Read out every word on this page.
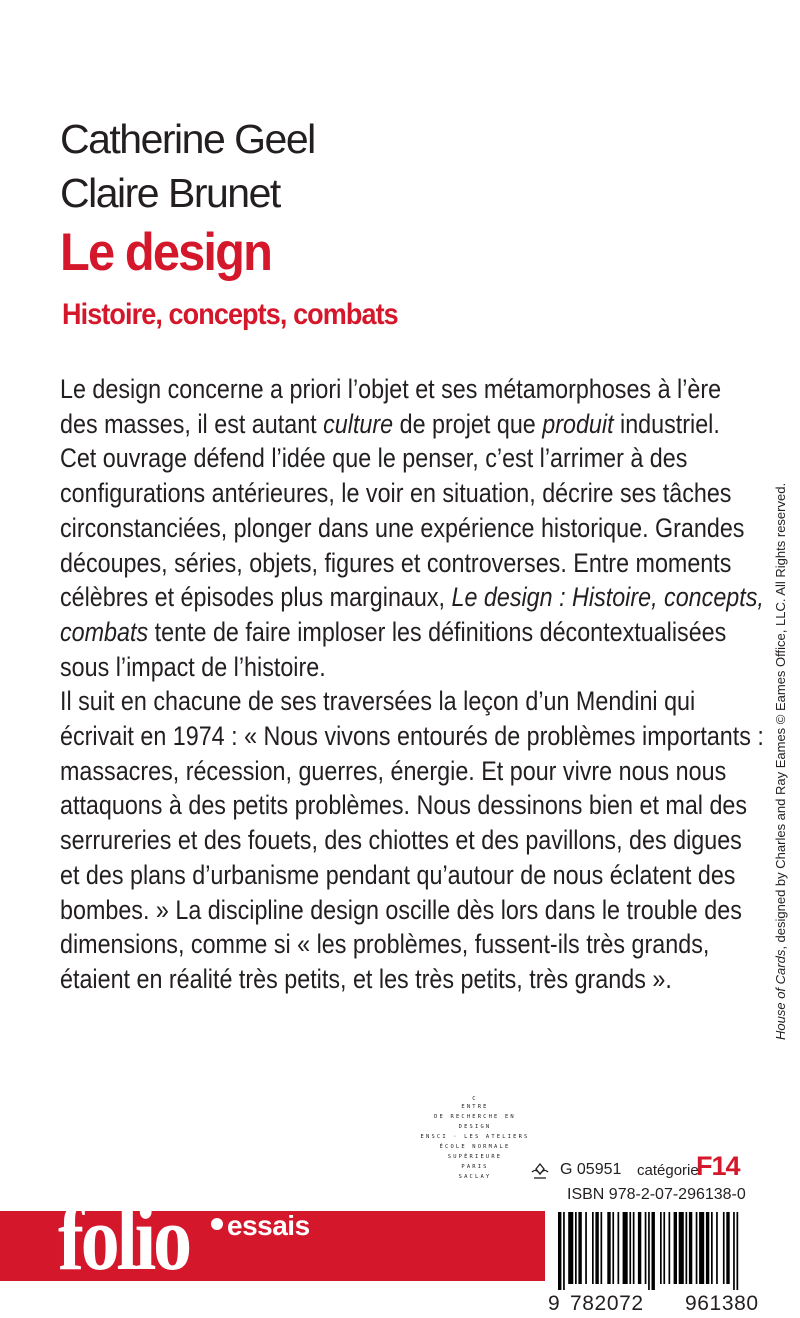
Catherine Geel
Claire Brunet
Le design
Histoire, concepts, combats

Le design concerne a priori l’objet et ses métamorphoses à l’ère
des masses, il est autant culture de projet que produit industriel.
Cet ouvrage défend l’idée que le penser, c’est l’arrimer à des
configurations antérieures, le voir en situation, décrire ses tâches
circonstanciées, plonger dans une expérience historique. Grandes
découpes, séries, objets, figures et controverses. Entre moments
célèbres et épisodes plus marginaux, Le design : Histoire, concepts,
combats tente de faire imploser les définitions décontextualisées
sous l’impact de l’histoire.

Il suit en chacune de ses traversées la leçon d’un Mendini qui
écrivait en 1974 : « Nous vivons entourés de problèmes importants :
massacres, récession, guerres, énergie. Et pour vivre nous nous
attaquons à des petits problèmes. Nous dessinons bien et mal des
serrureries et des fouets, des chiottes et des pavillons, des digues
et des plans d’urbanisme pendant qu’autour de nous éclatent des
bombes. » La discipline design oscille dès lors dans le trouble des
dimensions, comme si « les problèmes, fussent-ils très grands,
étaient en réalité très petits, et les très petits, très grands ».	House of Cards, designed by Charles and Ray Eames © Eames Office, LLC. All Rights reserved.
C
ENTRE
DE RECHERCHE EN
DESIGN
ENSCI · LES ATELIERS
ÉCOLE NORMALE
SUPÉRIEURE
PARIS
SACLAY	G 05951 catégorie
F14
ISBN 978-2-07-296138-0
folio essais
9 782072 961380
